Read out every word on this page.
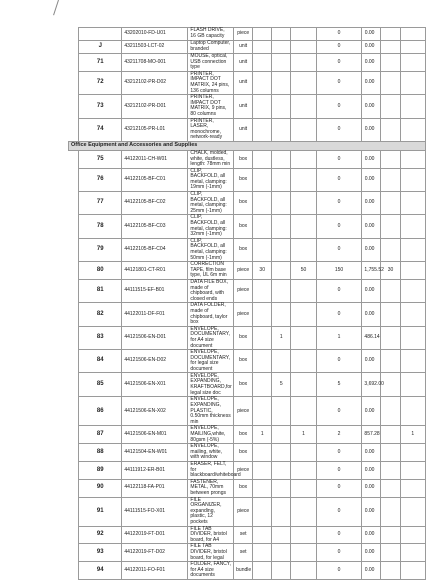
		43202010-FD-U01	FLASH DRIVE, 16 GB capacity	piece				0	0.00		
	J	43211503-LCT-02	Laptop Computer, branded	unit				0	0.00		
	71	43211708-MO-001	MOUSE, optical, USB connection type	unit				0	0.00		
	72	43212102-PR-D02	PRINTER, IMPACT DOT MATRIX, 24 pins, 136 columns	unit				0	0.00		
	73	43212102-PR-D01	PRINTER, IMPACT DOT MATRIX, 9 pins, 80 columns	unit				0	0.00		
	74	43212105-PR-L01	PRINTER, LASER, monochrome, network-ready	unit				0	0.00		
Office Equipment and Accessories and Supplies											
	75	44122011-CH-W01	CHALK, molded, white, dustless, length: 78mm min	box				0	0.00		
	76	44122105-BF-C01	CLIP, BACKFOLD, all metal, clamping: 19mm (-1mm)	box				0	0.00		
	77	44122105-BF-C02	CLIP, BACKFOLD, all metal, clamping: 25mm (-1mm)	box				0	0.00		
	78	44122105-BF-C03	CLIP, BACKFOLD, all metal, clamping: 32mm (-1mm)	box				0	0.00		
	79	44122105-BF-C04	CLIP, BACKFOLD, all metal, clamping: 50mm (-1mm)	box				0	0.00		
	80	44121801-CT-R01	CORRECTION TAPE, film base type, UL 6m min	piece	30		50	150	1,755.52	30	
	81	44111515-EF-B01	DATA FILE BOX, made of chipboard, with closed ends	piece				0	0.00		
	82	44122011-DF-F01	DATA FOLDER, made of chipboard, taylor box	piece				0	0.00		
	83	44121506-EN-D01	ENVELOPE, DOCUMENTARY, for A4 size document	box		1		1	486.14		
	84	44121506-EN-D02	ENVELOPE, DOCUMENTARY, for legal size document	box				0	0.00		
	85	44121506-EN-X01	ENVELOPE, EXPANDING, KRAFTBOARD,for legal size doc	box		5		5	3,692.00		
	86	44121506-EN-X02	ENVELOPE, EXPANDING, PLASTIC, 0.50mm thickness min	piece				0	0.00		
	87	44121506-EN-M01	ENVELOPE, MAILING,white, 80gsm (-5%)	box	1		1	2	857.28		1
	88	44121504-EN-W01	ENVELOPE, mailing, white, with window	box				0	0.00		
	89	44111912-ER-B01	ERASER, FELT, for blackboard/whiteboard	piece				0	0.00		
	90	44122118-FA-P01	FASTENER, METAL, 70mm between prongs	box				0	0.00		
	91	44111515-FO-X01	FILE ORGANIZER, expanding, plastic, 12 pockets	piece				0	0.00		
	92	44122019-FT-D01	FILE TAB DIVIDER, bristol board, for A4	set				0	0.00		
	93	44122019-FT-D02	FILE TAB DIVIDER, bristol board, for legal	set				0	0.00		
	94	44122011-FO-F01	FOLDER, FANCY, for A4 size documents	bundle				0	0.00		
